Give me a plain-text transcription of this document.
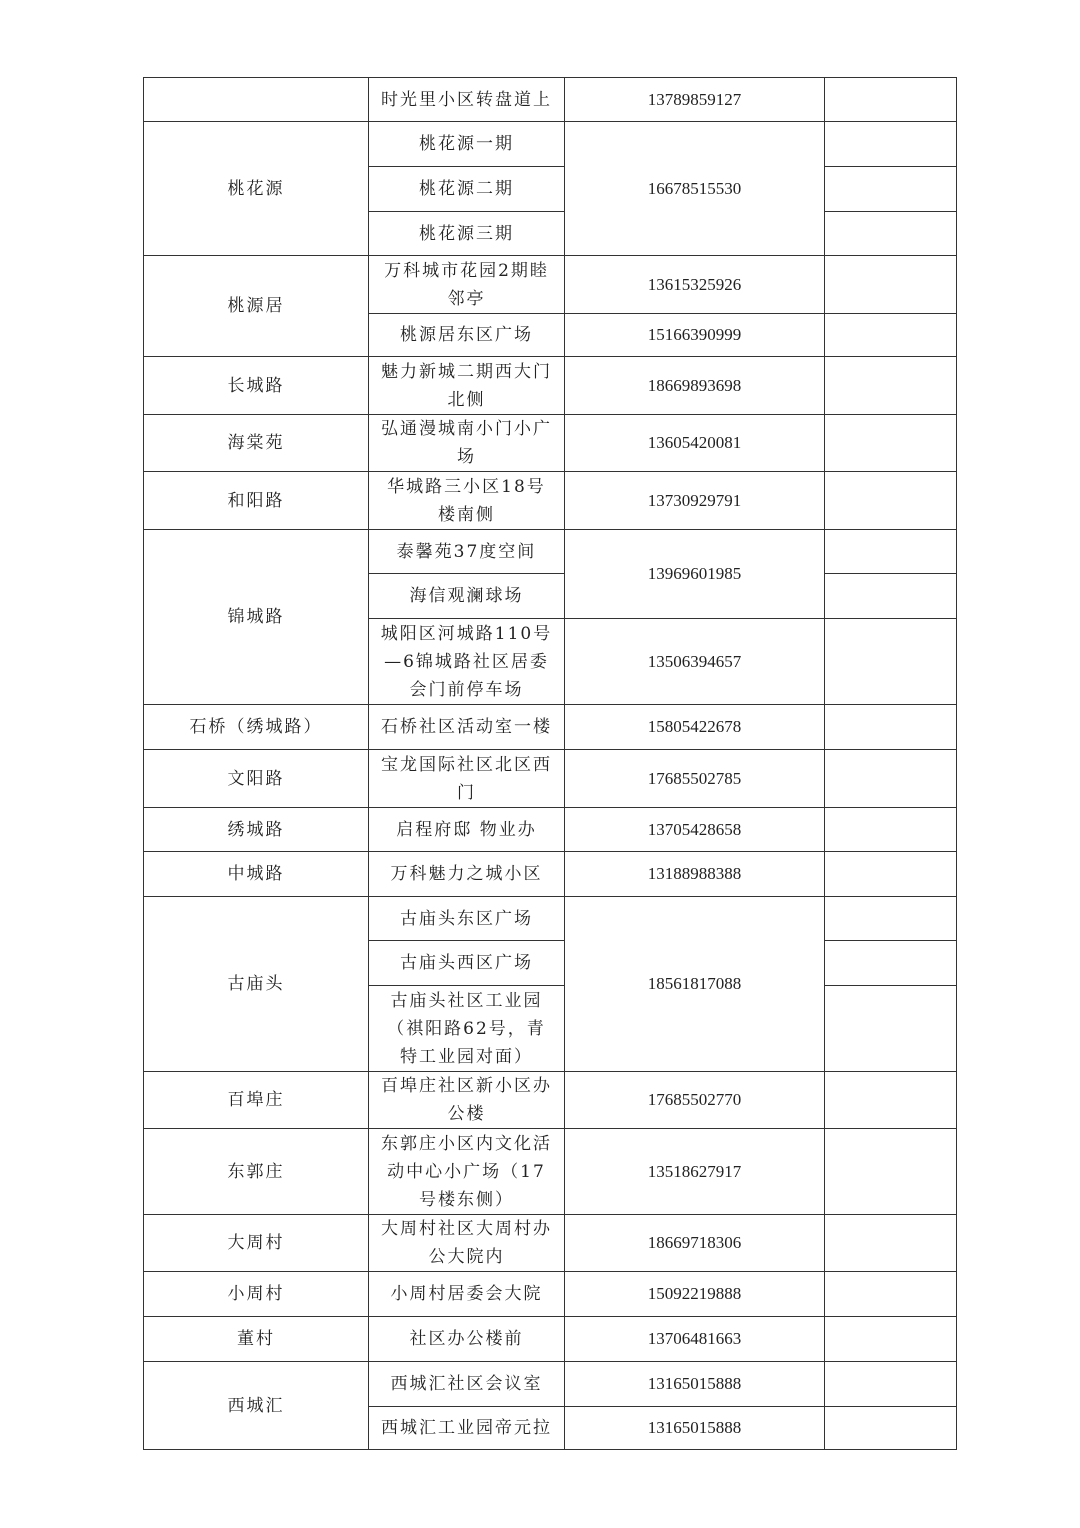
	时光里小区转盘道上	13789859127	
桃花源	桃花源一期	16678515530	
	桃花源二期		
	桃花源三期		
桃源居	万科城市花园2期睦邻亭	13615325926	
	桃源居东区广场	15166390999	
长城路	魅力新城二期西大门北侧	18669893698	
海棠苑	弘通漫城南小门小广场	13605420081	
和阳路	华城路三小区18号楼南侧	13730929791	
锦城路	泰馨苑37度空间	13969601985	
	海信观澜球场		
	城阳区河城路110号—6锦城路社区居委会门前停车场	13506394657	
石桥（绣城路）	石桥社区活动室一楼	15805422678	
文阳路	宝龙国际社区北区西门	17685502785	
绣城路	启程府邸 物业办	13705428658	
中城路	万科魅力之城小区	13188988388	
古庙头	古庙头东区广场	18561817088	
	古庙头西区广场		
	古庙头社区工业园（祺阳路62号，青特工业园对面）		
百埠庄	百埠庄社区新小区办公楼	17685502770	
东郭庄	东郭庄小区内文化活动中心小广场（17号楼东侧）	13518627917	
大周村	大周村社区大周村办公大院内	18669718306	
小周村	小周村居委会大院	15092219888	
董村	社区办公楼前	13706481663	
西城汇	西城汇社区会议室	13165015888	
	西城汇工业园帝元拉	13165015888	
